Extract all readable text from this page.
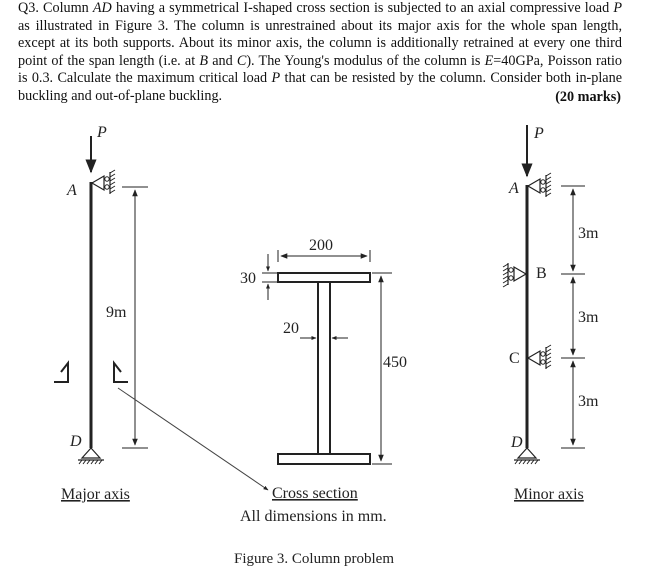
Q3. Column AD having a symmetrical I-shaped cross section is subjected to an axial compressive load P as illustrated in Figure 3. The column is unrestrained about its major axis for the whole span length, except at its both supports. About its minor axis, the column is additionally retrained at every one third point of the span length (i.e. at B and C). The Young's modulus of the column is E=40GPa, Poisson ratio is 0.3. Calculate the maximum critical load P that can be resisted by the column. Consider both in-plane buckling and out-of-plane buckling.	(20 marks)
P
A
9m
D
Major axis
200
30
20
450
Cross section
All dimensions in mm.
P
A
B
C
D
3m
3m
3m
Minor axis
Figure 3. Column problem
